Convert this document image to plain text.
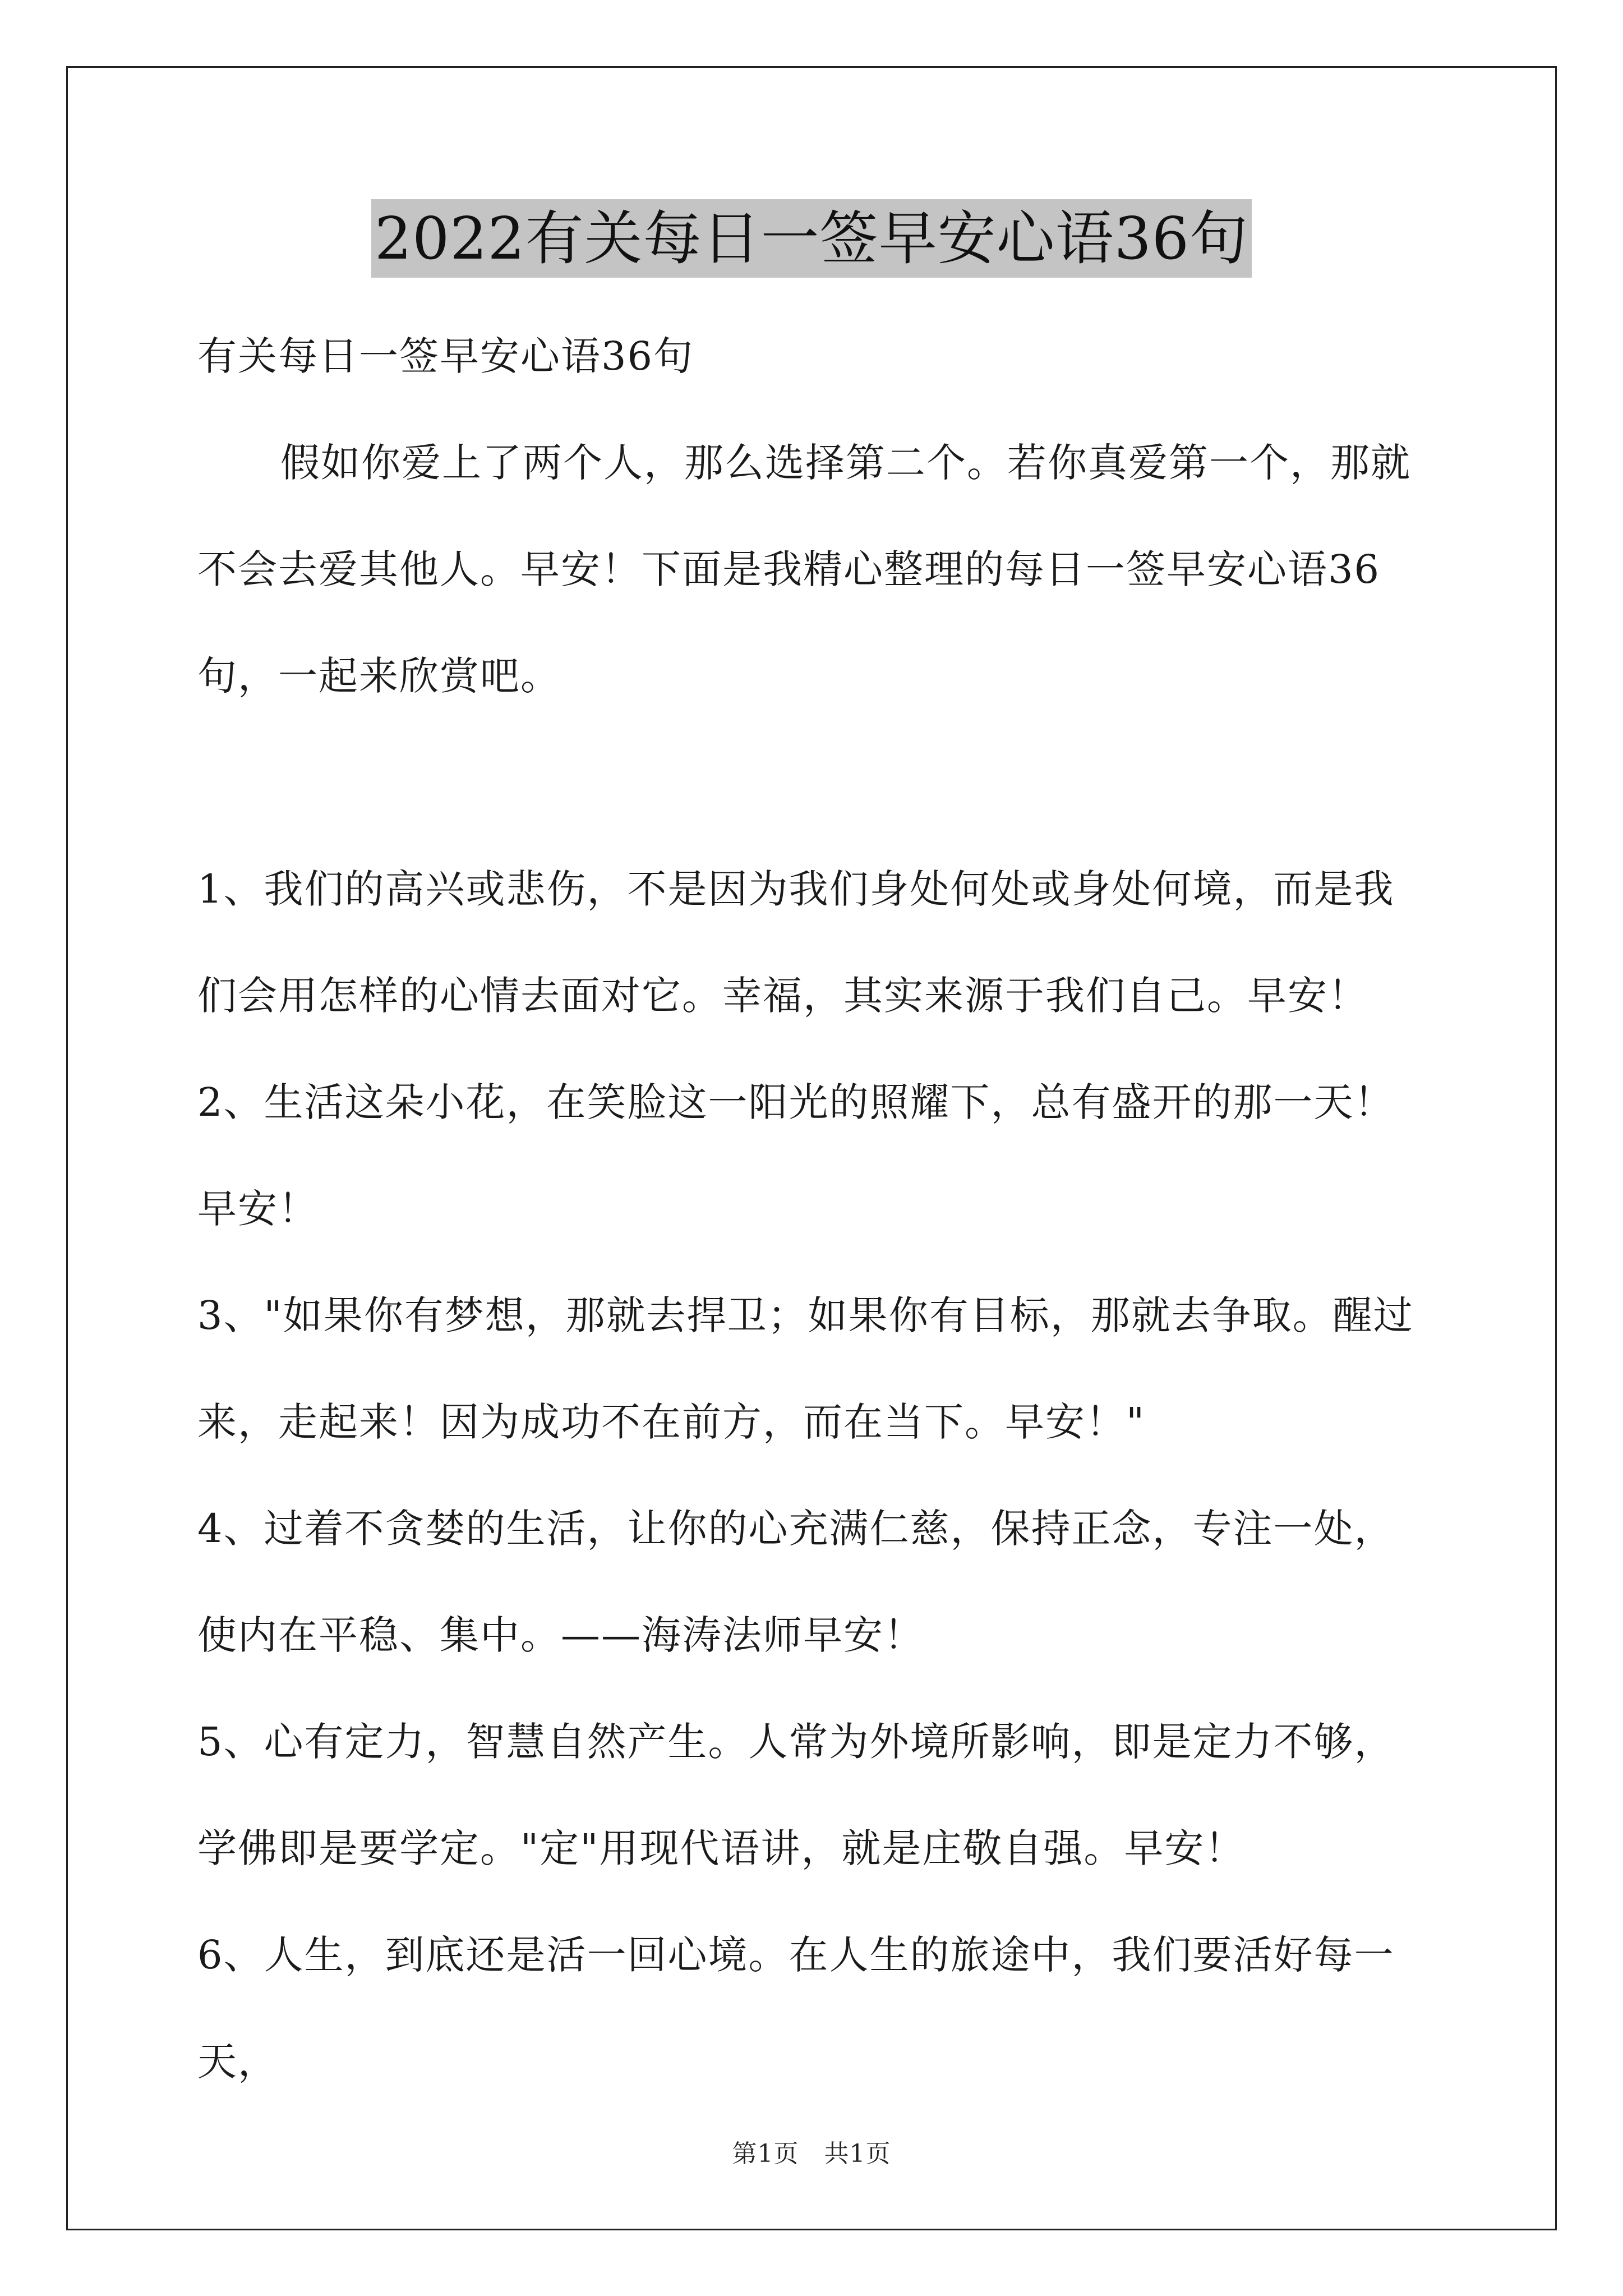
2022有关每日一签早安心语36句

有关每日一签早安心语36句

假如你爱上了两个人，那么选择第二个。若你真爱第一个，那就不会去爱其他人。早安！下面是我精心整理的每日一签早安心语36句，一起来欣赏吧。

1、我们的高兴或悲伤，不是因为我们身处何处或身处何境，而是我们会用怎样的心情去面对它。幸福，其实来源于我们自己。早安！

2、生活这朵小花，在笑脸这一阳光的照耀下，总有盛开的那一天！早安！

3、"如果你有梦想，那就去捍卫；如果你有目标，那就去争取。醒过来，走起来！因为成功不在前方，而在当下。早安！"

4、过着不贪婪的生活，让你的心充满仁慈，保持正念，专注一处，使内在平稳、集中。——海涛法师早安！

5、心有定力，智慧自然产生。人常为外境所影响，即是定力不够，学佛即是要学定。"定"用现代语讲，就是庄敬自强。早安！

6、人生，到底还是活一回心境。在人生的旅途中，我们要活好每一天，

第1页　共1页
